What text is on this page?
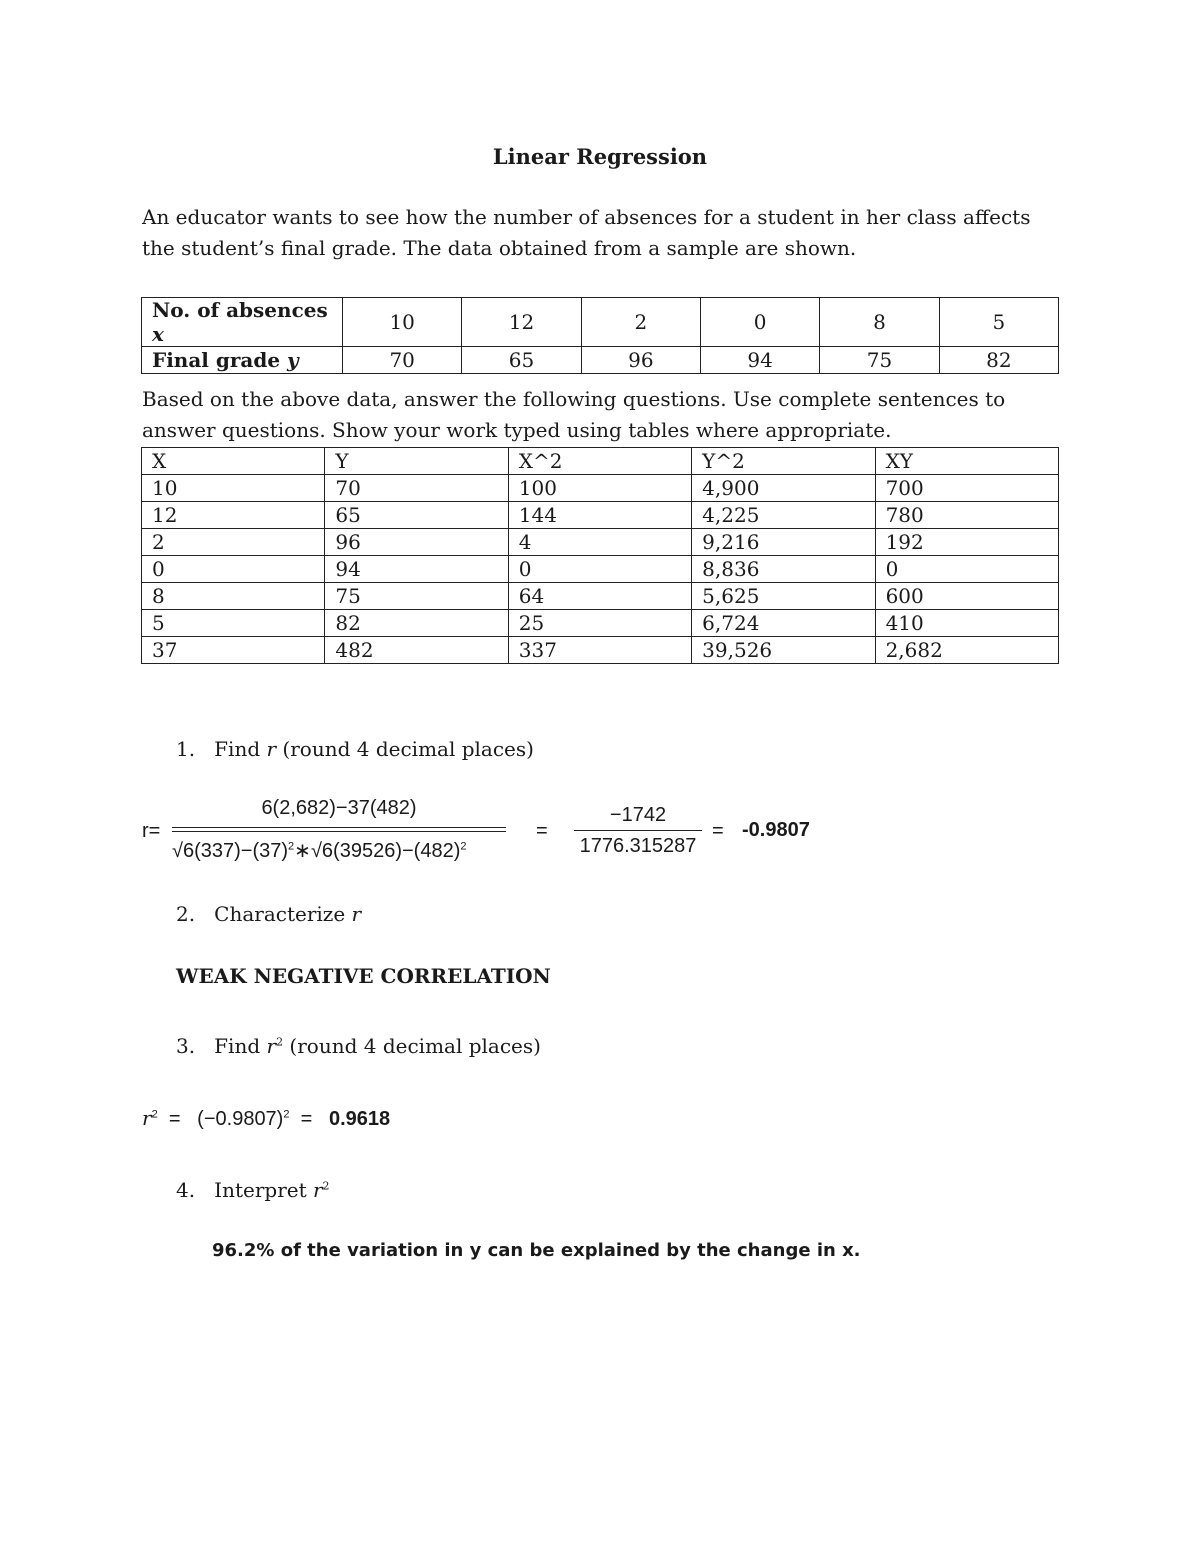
Linear Regression
An educator wants to see how the number of absences for a student in her class affects the student’s final grade. The data obtained from a sample are shown.
No. of absences x	10	12	2	0	8	5
Final grade y	70	65	96	94	75	82
Based on the above data, answer the following questions. Use complete sentences to answer questions. Show your work typed using tables where appropriate.
X	Y	X^2	Y^2	XY
10	70	100	4,900	700
12	65	144	4,225	780
2	96	4	9,216	192
0	94	0	8,836	0
8	75	64	5,625	600
5	82	25	6,724	410
37	482	337	39,526	2,682
1. Find r (round 4 decimal places)
r=
6(2,682)−37(482)
$√6(337)-(37)^2∗√6(39526)-(482)^2$
=
−1742
1776.315287
= -0.9807
2. Characterize r
WEAK NEGATIVE CORRELATION
3. Find $r^2$ (round 4 decimal places)
$r^2 = (-0.9807)^2 = 0.9618$
4. Interpret $r^2$
96.2% of the variation in y can be explained by the change in x.
